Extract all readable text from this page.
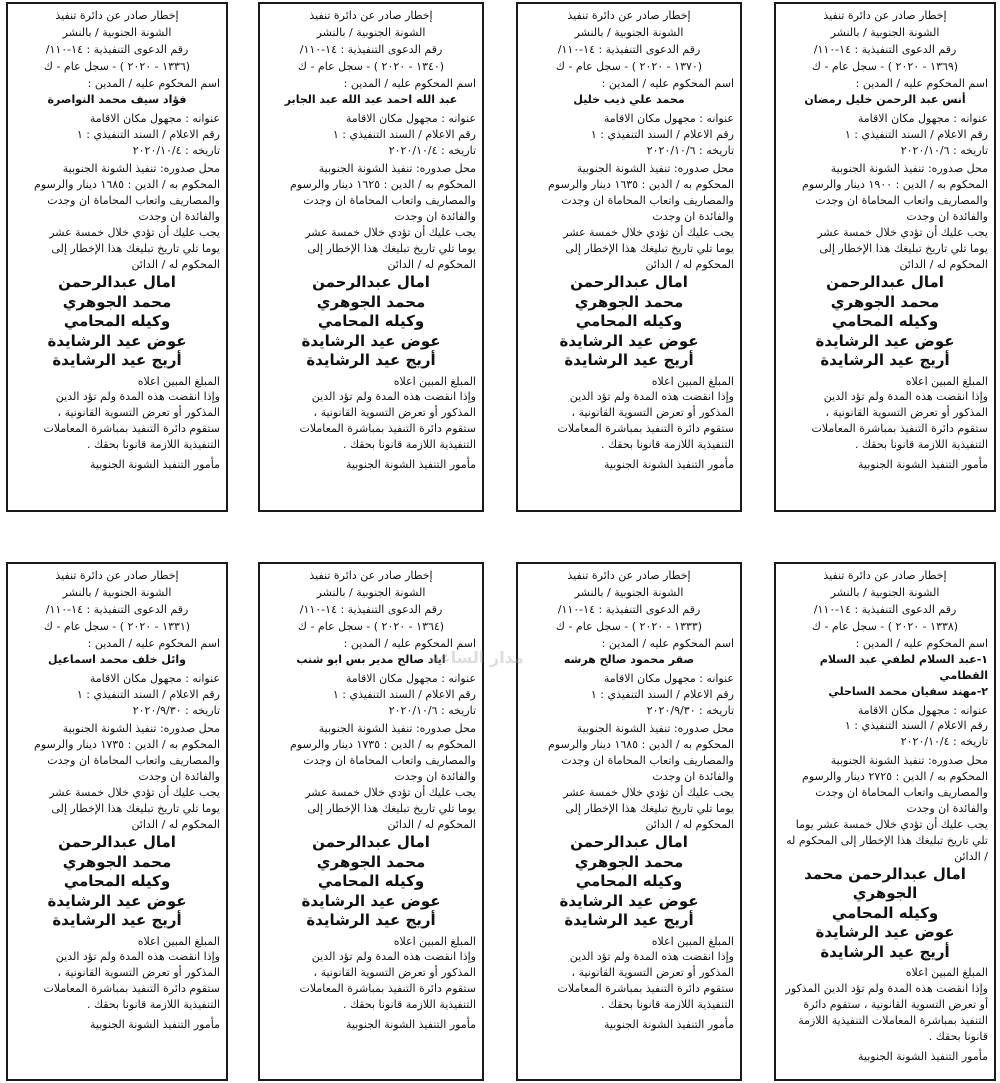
إخطار صادر عن دائرة تنفيذ

الشونة الجنوبية / بالنشر

رقم الدعوى التنفيذية : ١٤-١١٠/

(١٣٦٩ - ٢٠٢٠ ) - سجل عام - ك

اسم المحكوم عليه / المدين :

أنس عبد الرحمن خليل رمضان

عنوانه : مجهول مكان الاقامة

رقم الاعلام / السند التنفيذي : ١

تاريخه : ٢٠٢٠/١٠/٦

محل صدوره: تنفيذ الشونة الجنوبية

المحكوم به / الدين : ١٩٠٠ دينار والرسوم

والمصاريف واتعاب المحاماة ان وجدت

والفائدة ان وجدت

يجب عليك أن تؤدي خلال خمسة عشر

يوما تلي تاريخ تبليغك هذا الإخطار إلى

المحكوم له / الدائن

امال عبدالرحمن

محمد الجوهري

وكيله المحامي

عوض عيد الرشايدة

أريج عيد الرشايدة

المبلغ المبين اعلاه

وإذا انقضت هذه المدة ولم تؤد الدين

المذكور أو تعرض التسوية القانونية ،

ستقوم دائرة التنفيذ بمباشرة المعاملات

التنفيذية اللازمة قانونا بحقك .

مأمور التنفيذ الشونة الجنوبية

إخطار صادر عن دائرة تنفيذ

الشونة الجنوبية / بالنشر

رقم الدعوى التنفيذية : ١٤-١١٠/

(١٣٧٠ - ٢٠٢٠ ) - سجل عام - ك

اسم المحكوم عليه / المدين :

محمد علي ذيب خليل

عنوانه : مجهول مكان الاقامة

رقم الاعلام / السند التنفيذي : ١

تاريخه : ٢٠٢٠/١٠/٦

محل صدوره: تنفيذ الشونة الجنوبية

المحكوم به / الدين : ١٦٣٥ دينار والرسوم

والمصاريف واتعاب المحاماة ان وجدت

والفائدة ان وجدت

يجب عليك أن تؤدي خلال خمسة عشر

يوما تلي تاريخ تبليغك هذا الإخطار إلى

المحكوم له / الدائن

امال عبدالرحمن

محمد الجوهري

وكيله المحامي

عوض عيد الرشايدة

أريج عيد الرشايدة

المبلغ المبين اعلاه

وإذا انقضت هذه المدة ولم تؤد الدين

المذكور أو تعرض التسوية القانونية ،

ستقوم دائرة التنفيذ بمباشرة المعاملات

التنفيذية اللازمة قانونا بحقك .

مأمور التنفيذ الشونة الجنوبية

إخطار صادر عن دائرة تنفيذ

الشونة الجنوبية / بالنشر

رقم الدعوى التنفيذية : ١٤-١١٠/

(١٣٤٠ - ٢٠٢٠ ) - سجل عام - ك

اسم المحكوم عليه / المدين :

عبد الله احمد عبد الله عبد الجابر

عنوانه : مجهول مكان الاقامة

رقم الاعلام / السند التنفيذي : ١

تاريخه : ٢٠٢٠/١٠/٤

محل صدوره: تنفيذ الشونة الجنوبية

المحكوم به / الدين : ١٦٢٥ دينار والرسوم

والمصاريف واتعاب المحاماة ان وجدت

والفائدة ان وجدت

يجب عليك أن تؤدي خلال خمسة عشر

يوما تلي تاريخ تبليغك هذا الإخطار إلى

المحكوم له / الدائن

امال عبدالرحمن

محمد الجوهري

وكيله المحامي

عوض عيد الرشايدة

أريج عيد الرشايدة

المبلغ المبين اعلاه

وإذا انقضت هذه المدة ولم تؤد الدين

المذكور أو تعرض التسوية القانونية ،

ستقوم دائرة التنفيذ بمباشرة المعاملات

التنفيذية اللازمة قانونا بحقك .

مأمور التنفيذ الشونة الجنوبية

إخطار صادر عن دائرة تنفيذ

الشونة الجنوبية / بالنشر

رقم الدعوى التنفيذية : ١٤-١١٠/

(١٣٣٦ - ٢٠٢٠ ) - سجل عام - ك

اسم المحكوم عليه / المدين :

فؤاد سيف محمد النواصرة

عنوانه : مجهول مكان الاقامة

رقم الاعلام / السند التنفيذي : ١

تاريخه : ٢٠٢٠/١٠/٤

محل صدوره: تنفيذ الشونة الجنوبية

المحكوم به / الدين : ١٦٨٥ دينار والرسوم

والمصاريف واتعاب المحاماة ان وجدت

والفائدة ان وجدت

يجب عليك أن تؤدي خلال خمسة عشر

يوما تلي تاريخ تبليغك هذا الإخطار إلى

المحكوم له / الدائن

امال عبدالرحمن

محمد الجوهري

وكيله المحامي

عوض عيد الرشايدة

أريج عيد الرشايدة

المبلغ المبين اعلاه

وإذا انقضت هذه المدة ولم تؤد الدين

المذكور أو تعرض التسوية القانونية ،

ستقوم دائرة التنفيذ بمباشرة المعاملات

التنفيذية اللازمة قانونا بحقك .

مأمور التنفيذ الشونة الجنوبية

إخطار صادر عن دائرة تنفيذ

الشونة الجنوبية / بالنشر

رقم الدعوى التنفيذية : ١٤-١١٠/

(١٣٣٨ - ٢٠٢٠ ) - سجل عام - ك

اسم المحكوم عليه / المدين :

١-عبد السلام لطفي عبد السلام القطامي

٢-مهند سفيان محمد الساحلي

عنوانه : مجهول مكان الاقامة

رقم الاعلام / السند التنفيذي : ١

تاريخه : ٢٠٢٠/١٠/٤

محل صدوره: تنفيذ الشونة الجنوبية

المحكوم به / الدين : ٢٧٢٥ دينار والرسوم

والمصاريف واتعاب المحاماة ان وجدت

والفائدة ان وجدت

يجب عليك أن تؤدي خلال خمسة عشر يوما تلي تاريخ تبليغك هذا الإخطار إلى المحكوم له / الدائن

امال عبدالرحمن محمد الجوهري

وكيله المحامي

عوض عيد الرشايدة

أريج عيد الرشايدة

المبلغ المبين اعلاه

وإذا انقضت هذه المدة ولم تؤد الدين المذكور أو تعرض التسوية القانونية ، ستقوم دائرة التنفيذ بمباشرة المعاملات التنفيذية اللازمة قانونا بحقك .

مأمور التنفيذ الشونة الجنوبية

إخطار صادر عن دائرة تنفيذ

الشونة الجنوبية / بالنشر

رقم الدعوى التنفيذية : ١٤-١١٠/

(١٣٣٣ - ٢٠٢٠ ) - سجل عام - ك

اسم المحكوم عليه / المدين :

صقر محمود صالح هرشه

عنوانه : مجهول مكان الاقامة

رقم الاعلام / السند التنفيذي : ١

تاريخه : ٢٠٢٠/٩/٣٠

محل صدوره: تنفيذ الشونة الجنوبية

المحكوم به / الدين : ١٦٨٥ دينار والرسوم

والمصاريف واتعاب المحاماة ان وجدت

والفائدة ان وجدت

يجب عليك أن تؤدي خلال خمسة عشر

يوما تلي تاريخ تبليغك هذا الإخطار إلى

المحكوم له / الدائن

امال عبدالرحمن

محمد الجوهري

وكيله المحامي

عوض عيد الرشايدة

أريج عيد الرشايدة

المبلغ المبين اعلاه

وإذا انقضت هذه المدة ولم تؤد الدين

المذكور أو تعرض التسوية القانونية ،

ستقوم دائرة التنفيذ بمباشرة المعاملات

التنفيذية اللازمة قانونا بحقك .

مأمور التنفيذ الشونة الجنوبية

إخطار صادر عن دائرة تنفيذ

الشونة الجنوبية / بالنشر

رقم الدعوى التنفيذية : ١٤-١١٠/

(١٣٦٤ - ٢٠٢٠ ) - سجل عام - ك

اسم المحكوم عليه / المدين :

اياد صالح مدير بس ابو شنب

عنوانه : مجهول مكان الاقامة

رقم الاعلام / السند التنفيذي : ١

تاريخه : ٢٠٢٠/١٠/٦

محل صدوره: تنفيذ الشونة الجنوبية

المحكوم به / الدين : ١٧٣٥ دينار والرسوم

والمصاريف واتعاب المحاماة ان وجدت

والفائدة ان وجدت

يجب عليك أن تؤدي خلال خمسة عشر

يوما تلي تاريخ تبليغك هذا الإخطار إلى

المحكوم له / الدائن

امال عبدالرحمن

محمد الجوهري

وكيله المحامي

عوض عيد الرشايدة

أريج عيد الرشايدة

المبلغ المبين اعلاه

وإذا انقضت هذه المدة ولم تؤد الدين

المذكور أو تعرض التسوية القانونية ،

ستقوم دائرة التنفيذ بمباشرة المعاملات

التنفيذية اللازمة قانونا بحقك .

مأمور التنفيذ الشونة الجنوبية

إخطار صادر عن دائرة تنفيذ

الشونة الجنوبية / بالنشر

رقم الدعوى التنفيذية : ١٤-١١٠/

(١٣٣١ - ٢٠٢٠ ) - سجل عام - ك

اسم المحكوم عليه / المدين :

وائل خلف محمد اسماعيل

عنوانه : مجهول مكان الاقامة

رقم الاعلام / السند التنفيذي : ١

تاريخه : ٢٠٢٠/٩/٣٠

محل صدوره: تنفيذ الشونة الجنوبية

المحكوم به / الدين : ١٧٣٥ دينار والرسوم

والمصاريف واتعاب المحاماة ان وجدت

والفائدة ان وجدت

يجب عليك أن تؤدي خلال خمسة عشر

يوما تلي تاريخ تبليغك هذا الإخطار إلى

المحكوم له / الدائن

امال عبدالرحمن

محمد الجوهري

وكيله المحامي

عوض عيد الرشايدة

أريج عيد الرشايدة

المبلغ المبين اعلاه

وإذا انقضت هذه المدة ولم تؤد الدين

المذكور أو تعرض التسوية القانونية ،

ستقوم دائرة التنفيذ بمباشرة المعاملات

التنفيذية اللازمة قانونا بحقك .

مأمور التنفيذ الشونة الجنوبية

مدار الساعة
